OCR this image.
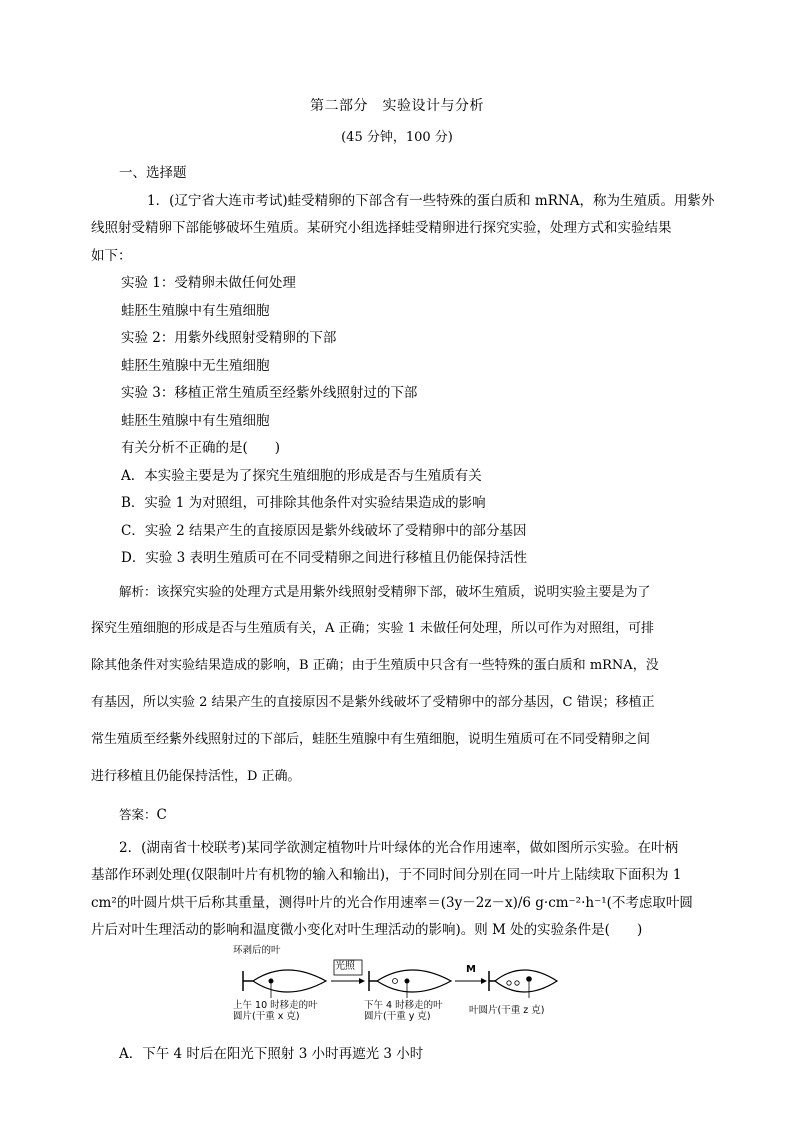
第二部分　实验设计与分析
(45 分钟，100 分)
一、选择题
1．(辽宁省大连市考试)蛙受精卵的下部含有一些特殊的蛋白质和 mRNA，称为生殖质。用紫外
线照射受精卵下部能够破坏生殖质。某研究小组选择蛙受精卵进行探究实验，处理方式和实验结果
如下：
实验 1：受精卵未做任何处理
蛙胚生殖腺中有生殖细胞
实验 2：用紫外线照射受精卵的下部
蛙胚生殖腺中无生殖细胞
实验 3：移植正常生殖质至经紫外线照射过的下部
蛙胚生殖腺中有生殖细胞
有关分析不正确的是(　　)
A．本实验主要是为了探究生殖细胞的形成是否与生殖质有关
B．实验 1 为对照组，可排除其他条件对实验结果造成的影响
C．实验 2 结果产生的直接原因是紫外线破坏了受精卵中的部分基因
D．实验 3 表明生殖质可在不同受精卵之间进行移植且仍能保持活性
解析：该探究实验的处理方式是用紫外线照射受精卵下部，破坏生殖质，说明实验主要是为了
探究生殖细胞的形成是否与生殖质有关，A 正确；实验 1 未做任何处理，所以可作为对照组，可排
除其他条件对实验结果造成的影响，B 正确；由于生殖质中只含有一些特殊的蛋白质和 mRNA，没
有基因，所以实验 2 结果产生的直接原因不是紫外线破坏了受精卵中的部分基因，C 错误；移植正
常生殖质至经紫外线照射过的下部后，蛙胚生殖腺中有生殖细胞，说明生殖质可在不同受精卵之间
进行移植且仍能保持活性，D 正确。
答案：C
2．(湖南省十校联考)某同学欲测定植物叶片叶绿体的光合作用速率，做如图所示实验。在叶柄
基部作环剥处理(仅限制叶片有机物的输入和输出)，于不同时间分别在同一叶片上陆续取下面积为 1
cm²的叶圆片烘干后称其重量，测得叶片的光合作用速率＝(3y－2z－x)/6 g·cm⁻²·h⁻¹(不考虑取叶圆
片后对叶生理活动的影响和温度微小变化对叶生理活动的影响)。则 M 处的实验条件是(　　)
环剥后的叶
光照	M
上午 10 时移走的叶
圆片(干重 x 克)
下午 4 时移走的叶
圆片(干重 y 克)
叶圆片(干重 z 克)
A．下午 4 时后在阳光下照射 3 小时再遮光 3 小时
